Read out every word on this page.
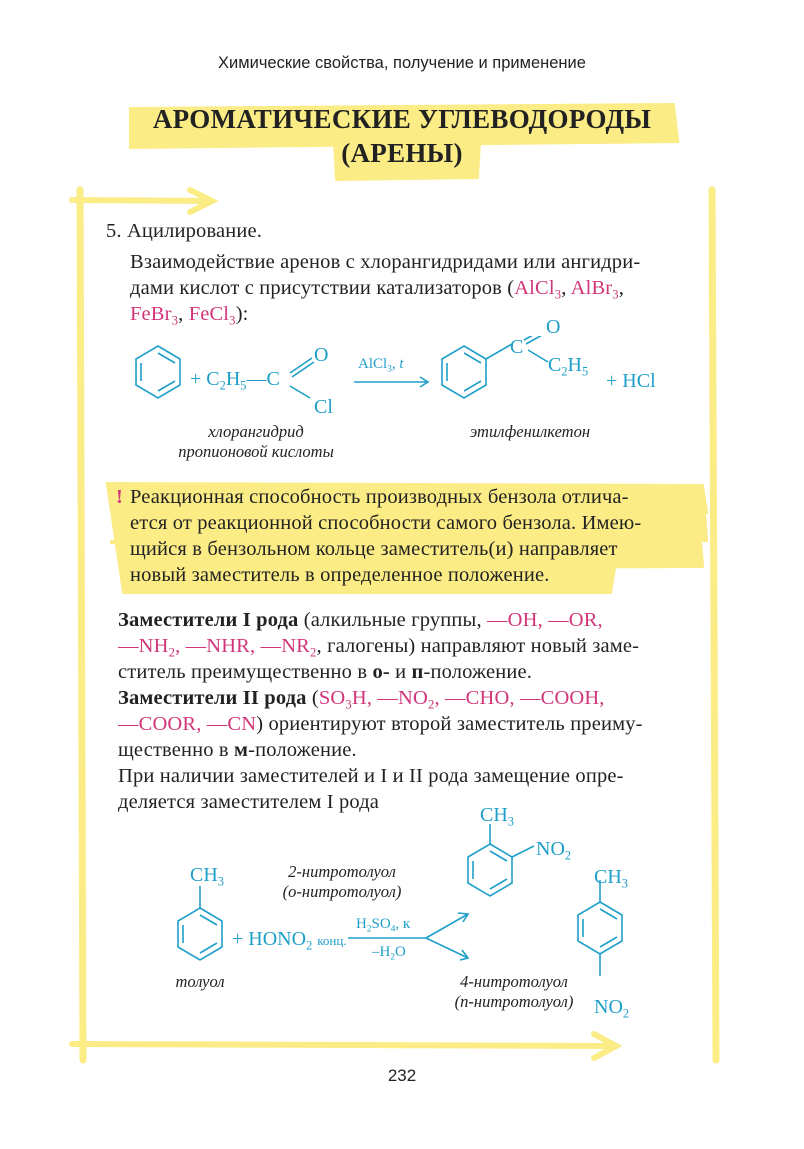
Химические свойства, получение и применение
АРОМАТИЧЕСКИЕ УГЛЕВОДОРОДЫ
(АРЕНЫ)
5. Ацилирование.
Взаимодействие аренов с хлорангидридами или ангидри-
дами кислот с присутствии катализаторов (AlCl$_3$, AlBr$_3$,
FeBr$_3$, FeCl$_3$):
+ $C_2H_5—C$
O
Cl
AlCl$_3$, t
C
O
$C_2H_5$ + HCl
хлорангидрид
пропионовой кислоты
этилфенилкетон
! Реакционная способность производных бензола отлича-
ется от реакционной способности самого бензола. Имею-
щийся в бензольном кольце заместитель(и) направляет
новый заместитель в определенное положение.
Заместители I рода (алкильные группы, —OH, —OR,
$—NH_2$, —NHR, $—NR_2$, галогены) направляют новый заме-
ститель преимущественно в о- и п-положение.
Заместители II рода ($SO_3H$, $—NO_2$, —CHO, —COOH,
—COOR, —CN) ориентируют второй заместитель преиму-
щественно в м-положение.
При наличии заместителей и I и II рода замещение опре-
деляется заместителем I рода
$CH_3$
+ $HONO_2$ конц.
$H_2SO_4$, к
$-H_2O$
$CH_3$
$NO_2$
$CH_3$
$NO_2$
толуол
2-нитротолуол
(о-нитротолуол)
4-нитротолуол
(п-нитротолуол)
232
